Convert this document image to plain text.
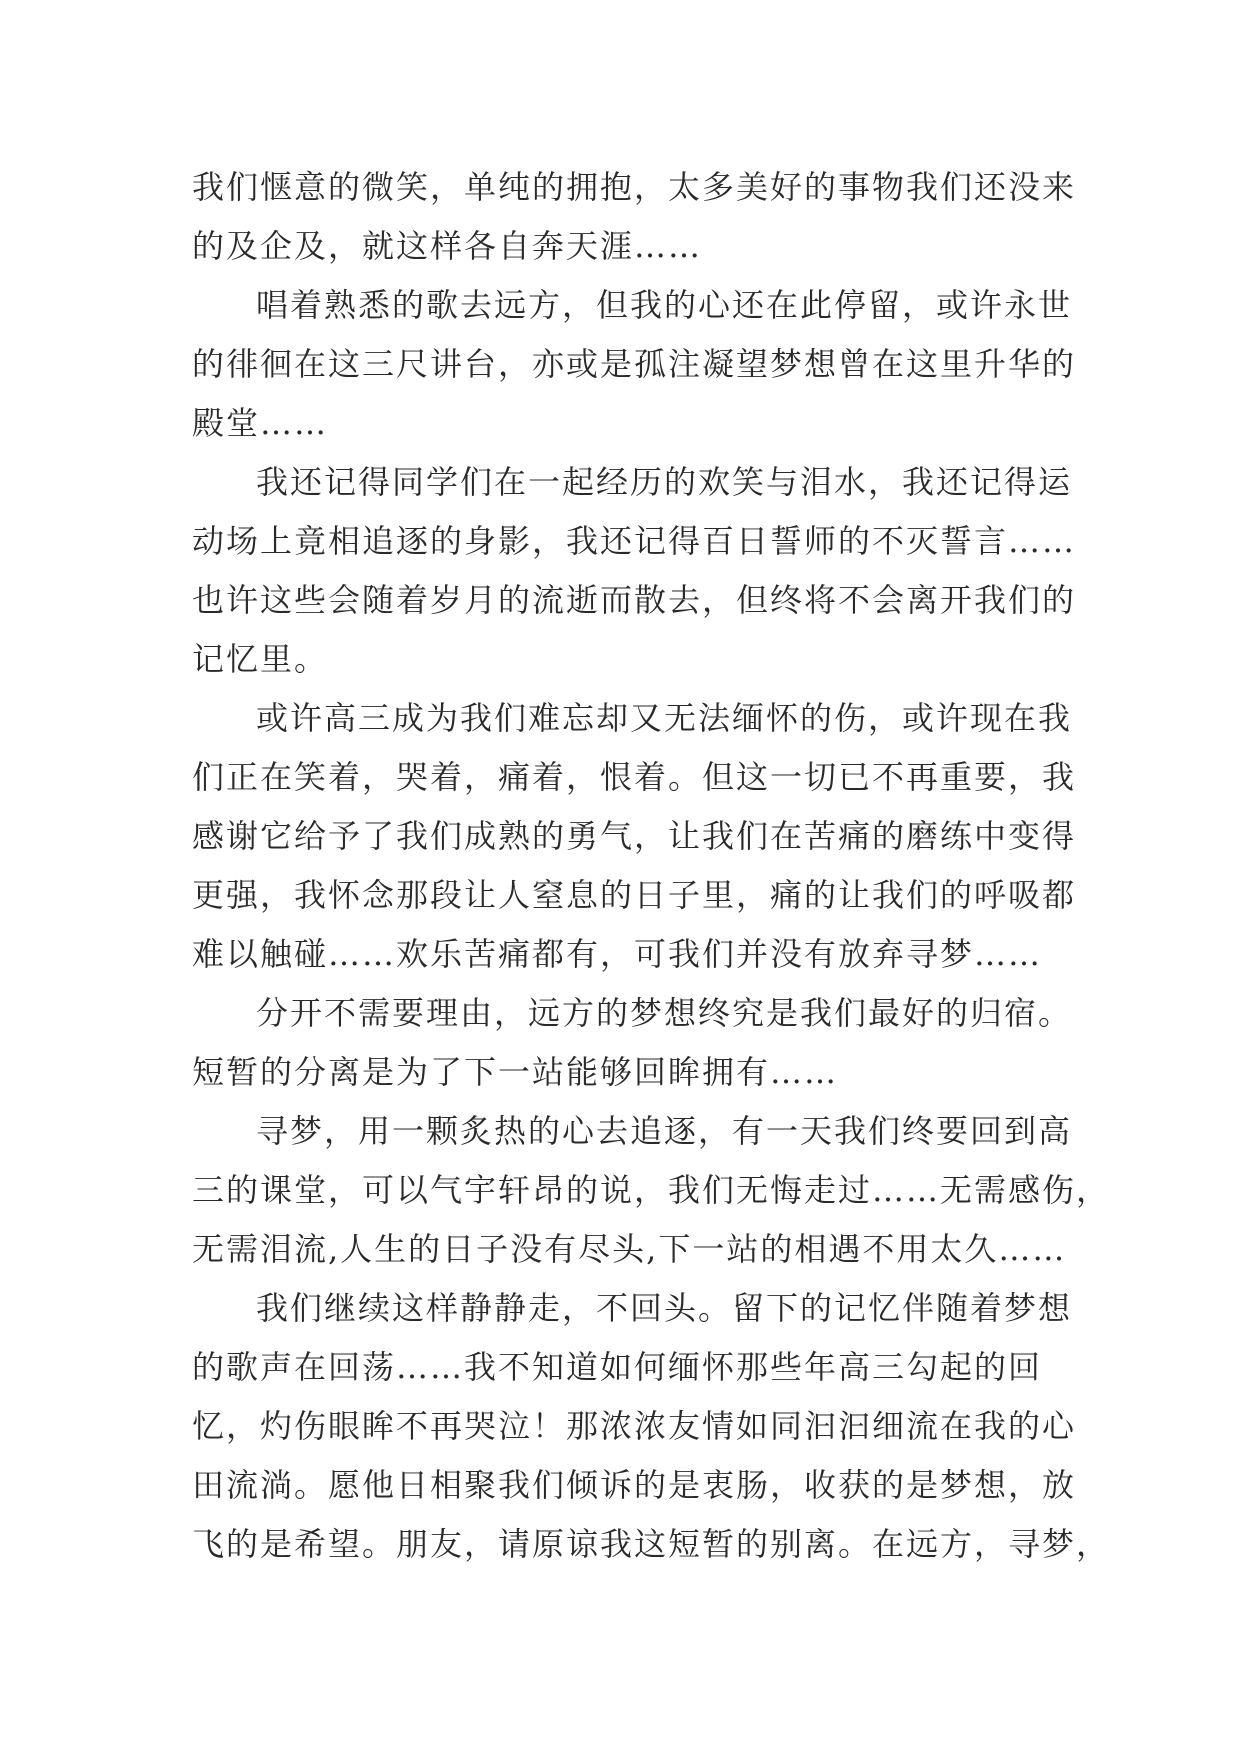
我们惬意的微笑，单纯的拥抱，太多美好的事物我们还没来
的及企及，就这样各自奔天涯……
唱着熟悉的歌去远方，但我的心还在此停留，或许永世
的徘徊在这三尺讲台，亦或是孤注凝望梦想曾在这里升华的
殿堂……
我还记得同学们在一起经历的欢笑与泪水，我还记得运
动场上竟相追逐的身影，我还记得百日誓师的不灭誓言……
也许这些会随着岁月的流逝而散去，但终将不会离开我们的
记忆里。
或许高三成为我们难忘却又无法缅怀的伤，或许现在我
们正在笑着，哭着，痛着，恨着。但这一切已不再重要，我
感谢它给予了我们成熟的勇气，让我们在苦痛的磨练中变得
更强，我怀念那段让人窒息的日子里，痛的让我们的呼吸都
难以触碰……欢乐苦痛都有，可我们并没有放弃寻梦……
分开不需要理由，远方的梦想终究是我们最好的归宿。
短暂的分离是为了下一站能够回眸拥有……
寻梦，用一颗炙热的心去追逐，有一天我们终要回到高
三的课堂，可以气宇轩昂的说，我们无悔走过……无需感伤，
无需泪流,人生的日子没有尽头,下一站的相遇不用太久……
我们继续这样静静走，不回头。留下的记忆伴随着梦想
的歌声在回荡……我不知道如何缅怀那些年高三勾起的回
忆，灼伤眼眸不再哭泣！那浓浓友情如同汩汩细流在我的心
田流淌。愿他日相聚我们倾诉的是衷肠，收获的是梦想，放
飞的是希望。朋友，请原谅我这短暂的别离。在远方，寻梦，
